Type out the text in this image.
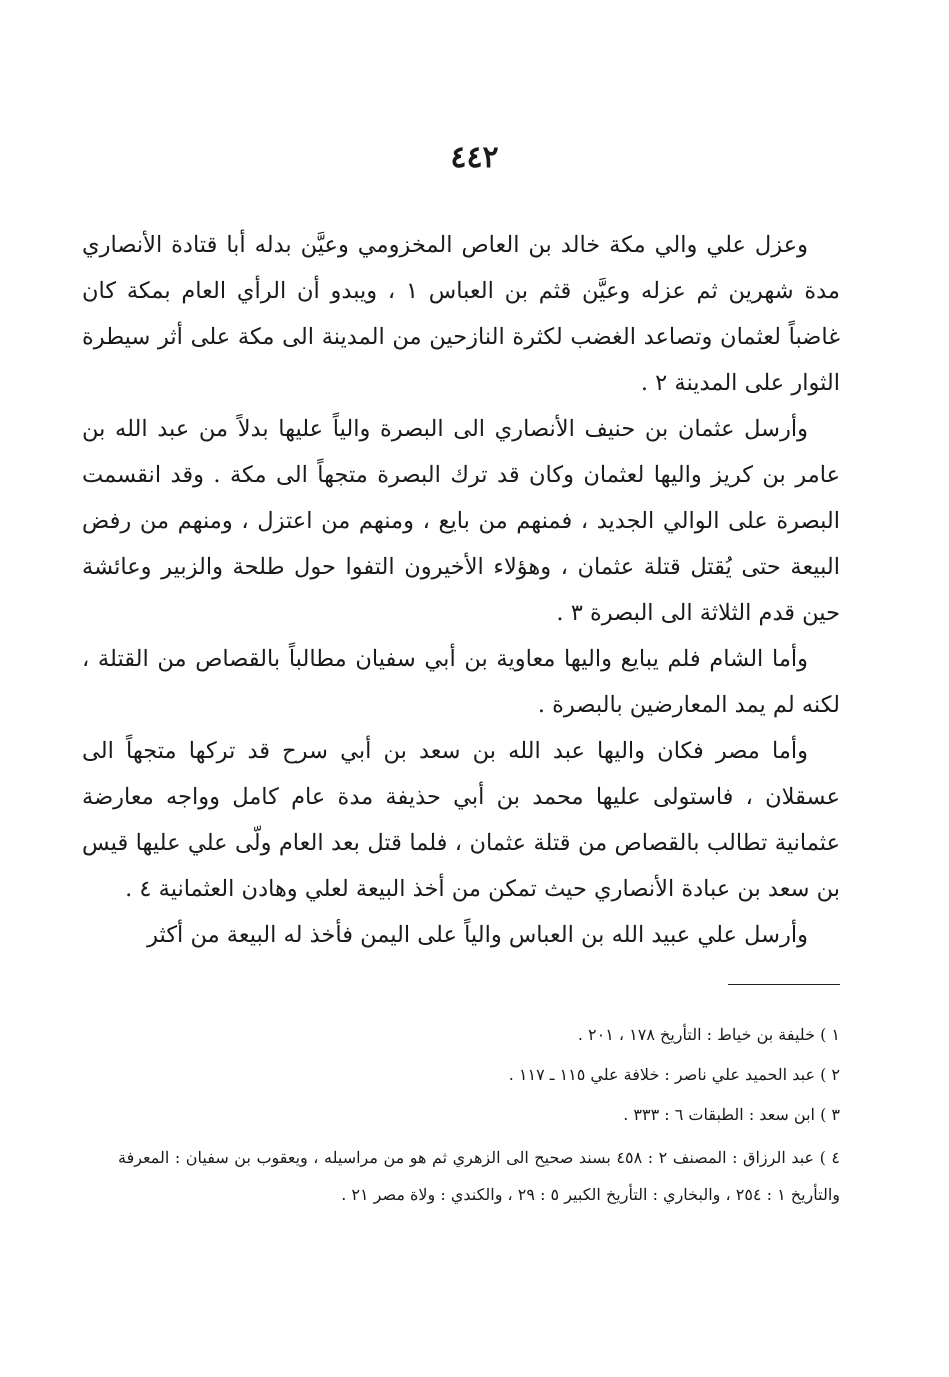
٤٤٢

وعزل علي والي مكة خالد بن العاص المخزومي وعيَّن بدله أبا قتادة الأنصاري مدة شهرين ثم عزله وعيَّن قثم بن العباس ١ ، ويبدو أن الرأي العام بمكة كان غاضباً لعثمان وتصاعد الغضب لكثرة النازحين من المدينة الى مكة على أثر سيطرة الثوار على المدينة ٢ .

وأرسل عثمان بن حنيف الأنصاري الى البصرة والياً عليها بدلاً من عبد الله بن عامر بن كريز واليها لعثمان وكان قد ترك البصرة متجهاً الى مكة . وقد انقسمت البصرة على الوالي الجديد ، فمنهم من بايع ، ومنهم من اعتزل ، ومنهم من رفض البيعة حتى يُقتل قتلة عثمان ، وهؤلاء الأخيرون التفوا حول طلحة والزبير وعائشة حين قدم الثلاثة الى البصرة ٣ .

وأما الشام فلم يبايع واليها معاوية بن أبي سفيان مطالباً بالقصاص من القتلة ، لكنه لم يمد المعارضين بالبصرة .

وأما مصر فكان واليها عبد الله بن سعد بن أبي سرح قد تركها متجهاً الى عسقلان ، فاستولى عليها محمد بن أبي حذيفة مدة عام كامل وواجه معارضة عثمانية تطالب بالقصاص من قتلة عثمان ، فلما قتل بعد العام ولّى علي عليها قيس بن سعد بن عبادة الأنصاري حيث تمكن من أخذ البيعة لعلي وهادن العثمانية ٤ .

وأرسل علي عبيد الله بن العباس والياً على اليمن فأخذ له البيعة من أكثر

١ ) خليفة بن خياط : التأريخ ١٧٨ ، ٢٠١ .

٢ ) عبد الحميد علي ناصر : خلافة علي ١١٥ ـ ١١٧ .

٣ ) ابن سعد : الطبقات ٦ : ٣٣٣ .

٤ ) عبد الرزاق : المصنف ٢ : ٤٥٨ بسند صحيح الى الزهري ثم هو من مراسيله ، ويعقوب بن سفيان : المعرفة والتأريخ ١ : ٢٥٤ ، والبخاري : التأريخ الكبير ٥ : ٢٩ ، والكندي : ولاة مصر ٢١ .
